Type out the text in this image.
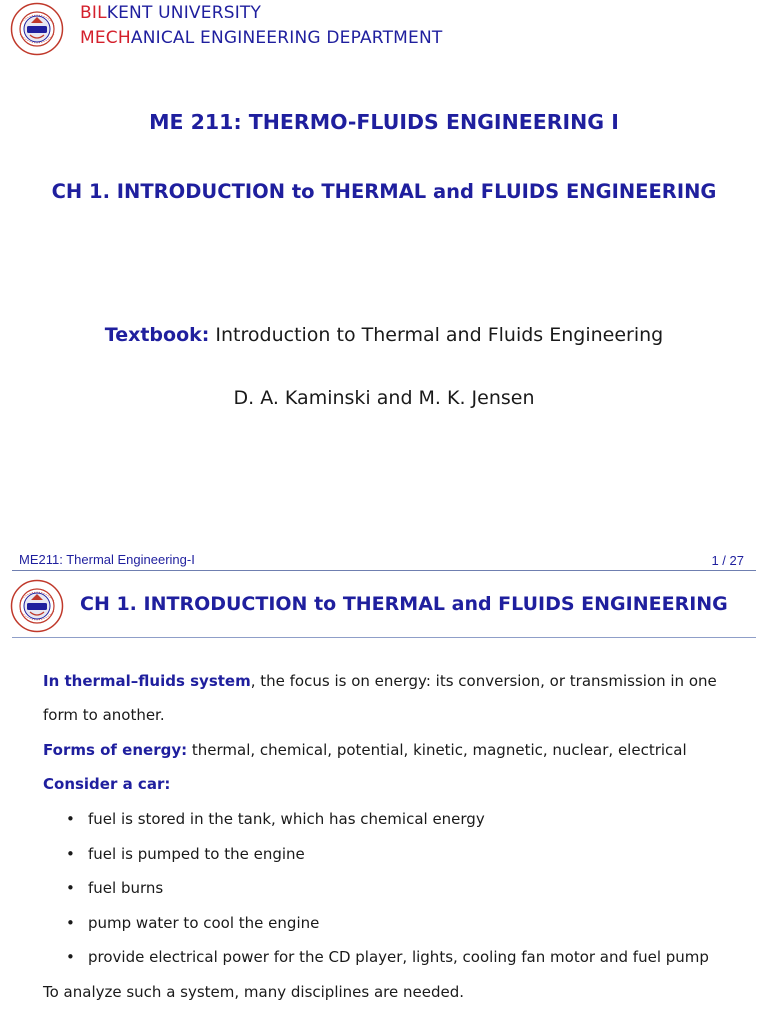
BILKENT UNIVERSITY
MECHANICAL ENGINEERING DEPARTMENT
ME 211: THERMO-FLUIDS ENGINEERING I
CH 1. INTRODUCTION to THERMAL and FLUIDS ENGINEERING
Textbook: Introduction to Thermal and Fluids Engineering
D. A. Kaminski and M. K. Jensen
ME211: Thermal Engineering-I	1 / 27
CH 1. INTRODUCTION to THERMAL and FLUIDS ENGINEERING
In thermal–fluids system, the focus is on energy: its conversion, or transmission in one
form to another.
Forms of energy: thermal, chemical, potential, kinetic, magnetic, nuclear, electrical
Consider a car:
• fuel is stored in the tank, which has chemical energy
• fuel is pumped to the engine
• fuel burns
• pump water to cool the engine
• provide electrical power for the CD player, lights, cooling fan motor and fuel pump
To analyze such a system, many disciplines are needed.
